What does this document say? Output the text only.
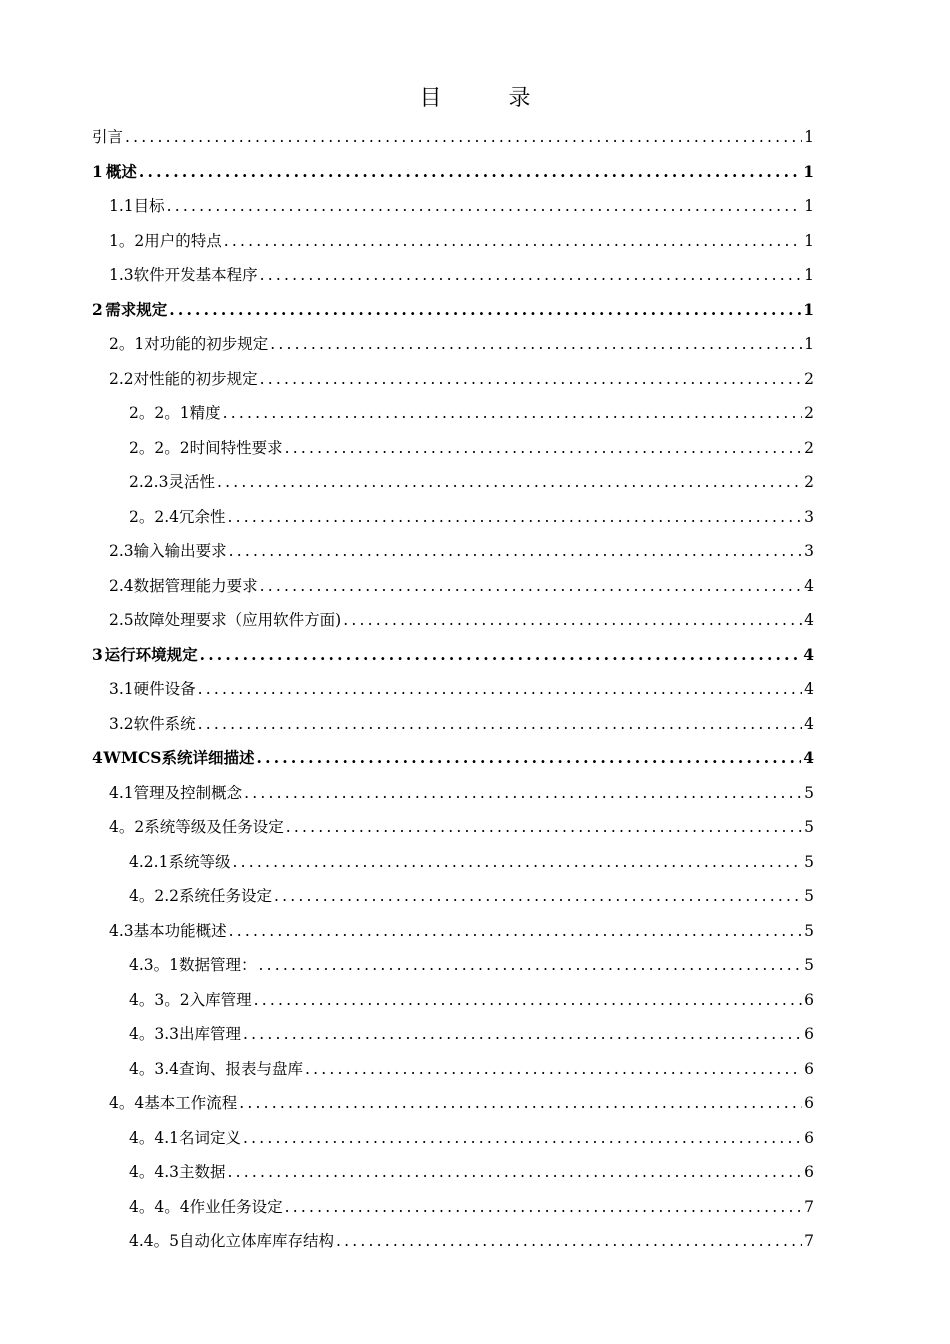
目 录
引言 .....	1
1 概述 .....	1
1.1目标 .....	1
1。2用户的特点 .....	1
1.3软件开发基本程序 .....	1
2 需求规定 .....	1
2。1对功能的初步规定 .....	1
2.2对性能的初步规定 .....	2
2。2。1精度 .....	2
2。2。2时间特性要求 .....	2
2.2.3灵活性 .....	2
2。2.4冗余性 .....	3
2.3输入输出要求 .....	3
2.4数据管理能力要求 .....	4
2.5故障处理要求（应用软件方面) .....	4
3 运行环境规定 .....	4
3.1硬件设备 .....	4
3.2软件系统 .....	4
4 WMCS系统详细描述 .....	4
4.1管理及控制概念 .....	5
4。2系统等级及任务设定 .....	5
4.2.1系统等级 .....	5
4。2.2系统任务设定 .....	5
4.3基本功能概述 .....	5
4.3。1数据管理： .....	5
4。3。2入库管理 .....	6
4。3.3出库管理 .....	6
4。3.4查询、报表与盘库 .....	6
4。4基本工作流程 .....	6
4。4.1名词定义 .....	6
4。4.3主数据 .....	6
4。4。4作业任务设定 .....	7
4.4。5自动化立体库库存结构 .....	7
